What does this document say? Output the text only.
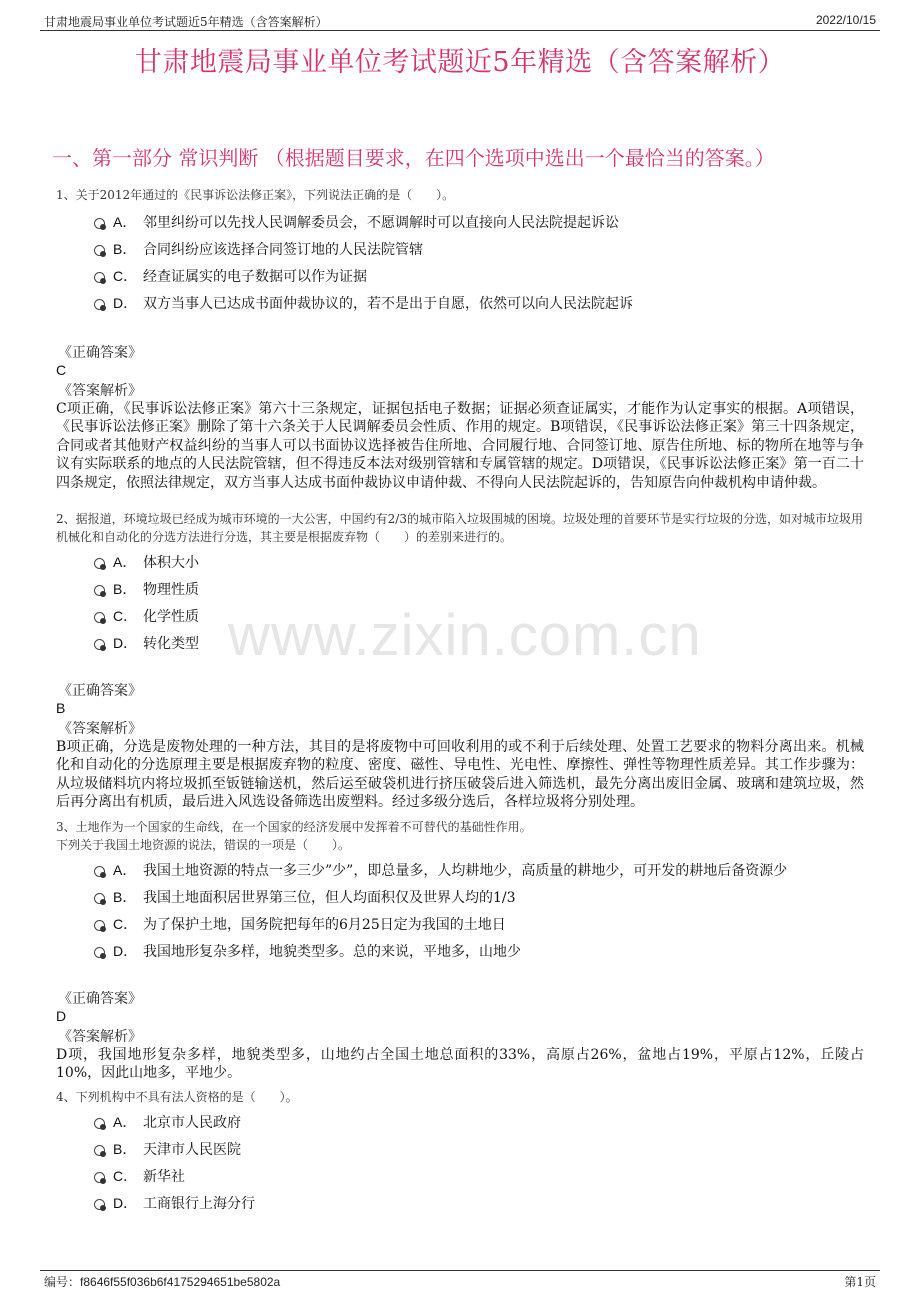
甘肃地震局事业单位考试题近5年精选（含答案解析）	2022/10/15
甘肃地震局事业单位考试题近5年精选（含答案解析）
一、第一部分 常识判断 （根据题目要求，在四个选项中选出一个最恰当的答案。）
www.zixin.com.cn
1、关于2012年通过的《民事诉讼法修正案》，下列说法正确的是（　　）。
A． 邻里纠纷可以先找人民调解委员会，不愿调解时可以直接向人民法院提起诉讼
B． 合同纠纷应该选择合同签订地的人民法院管辖
C． 经查证属实的电子数据可以作为证据
D． 双方当事人已达成书面仲裁协议的，若不是出于自愿，依然可以向人民法院起诉
《正确答案》
C
《答案解析》
C项正确，《民事诉讼法修正案》第六十三条规定，证据包括电子数据；证据必须查证属实，才能作为认定事实的根据。A项错误，《民事诉讼法修正案》删除了第十六条关于人民调解委员会性质、作用的规定。B项错误，《民事诉讼法修正案》第三十四条规定，合同或者其他财产权益纠纷的当事人可以书面协议选择被告住所地、合同履行地、合同签订地、原告住所地、标的物所在地等与争议有实际联系的地点的人民法院管辖，但不得违反本法对级别管辖和专属管辖的规定。D项错误，《民事诉讼法修正案》第一百二十四条规定，依照法律规定，双方当事人达成书面仲裁协议申请仲裁、不得向人民法院起诉的，告知原告向仲裁机构申请仲裁。
2、据报道，环境垃圾已经成为城市环境的一大公害，中国约有2/3的城市陷入垃圾围城的困境。垃圾处理的首要环节是实行垃圾的分选，如对城市垃圾用机械化和自动化的分选方法进行分选，其主要是根据废弃物（　　）的差别来进行的。
A． 体积大小
B． 物理性质
C． 化学性质
D． 转化类型
《正确答案》
B
《答案解析》
B项正确，分选是废物处理的一种方法，其目的是将废物中可回收利用的或不利于后续处理、处置工艺要求的物料分离出来。机械化和自动化的分选原理主要是根据废弃物的粒度、密度、磁性、导电性、光电性、摩擦性、弹性等物理性质差异。其工作步骤为：从垃圾储料坑内将垃圾抓至钣链输送机，然后运至破袋机进行挤压破袋后进入筛选机，最先分离出废旧金属、玻璃和建筑垃圾，然后再分离出有机质，最后进入风选设备筛选出废塑料。经过多级分选后，各样垃圾将分别处理。
3、土地作为一个国家的生命线，在一个国家的经济发展中发挥着不可替代的基础性作用。
下列关于我国土地资源的说法，错误的一项是（　　）。
A． 我国土地资源的特点一多三少”少”，即总量多，人均耕地少，高质量的耕地少，可开发的耕地后备资源少
B． 我国土地面积居世界第三位，但人均面积仅及世界人均的1/3
C． 为了保护土地，国务院把每年的6月25日定为我国的土地日
D． 我国地形复杂多样，地貌类型多。总的来说，平地多，山地少
《正确答案》
D
《答案解析》
D项，我国地形复杂多样，地貌类型多，山地约占全国土地总面积的33%，高原占26%，盆地占19%，平原占12%，丘陵占10%，因此山地多，平地少。
4、下列机构中不具有法人资格的是（　　）。
A． 北京市人民政府
B． 天津市人民医院
C． 新华社
D． 工商银行上海分行
编号：f8646f55f036b6f4175294651be5802a	第1页
